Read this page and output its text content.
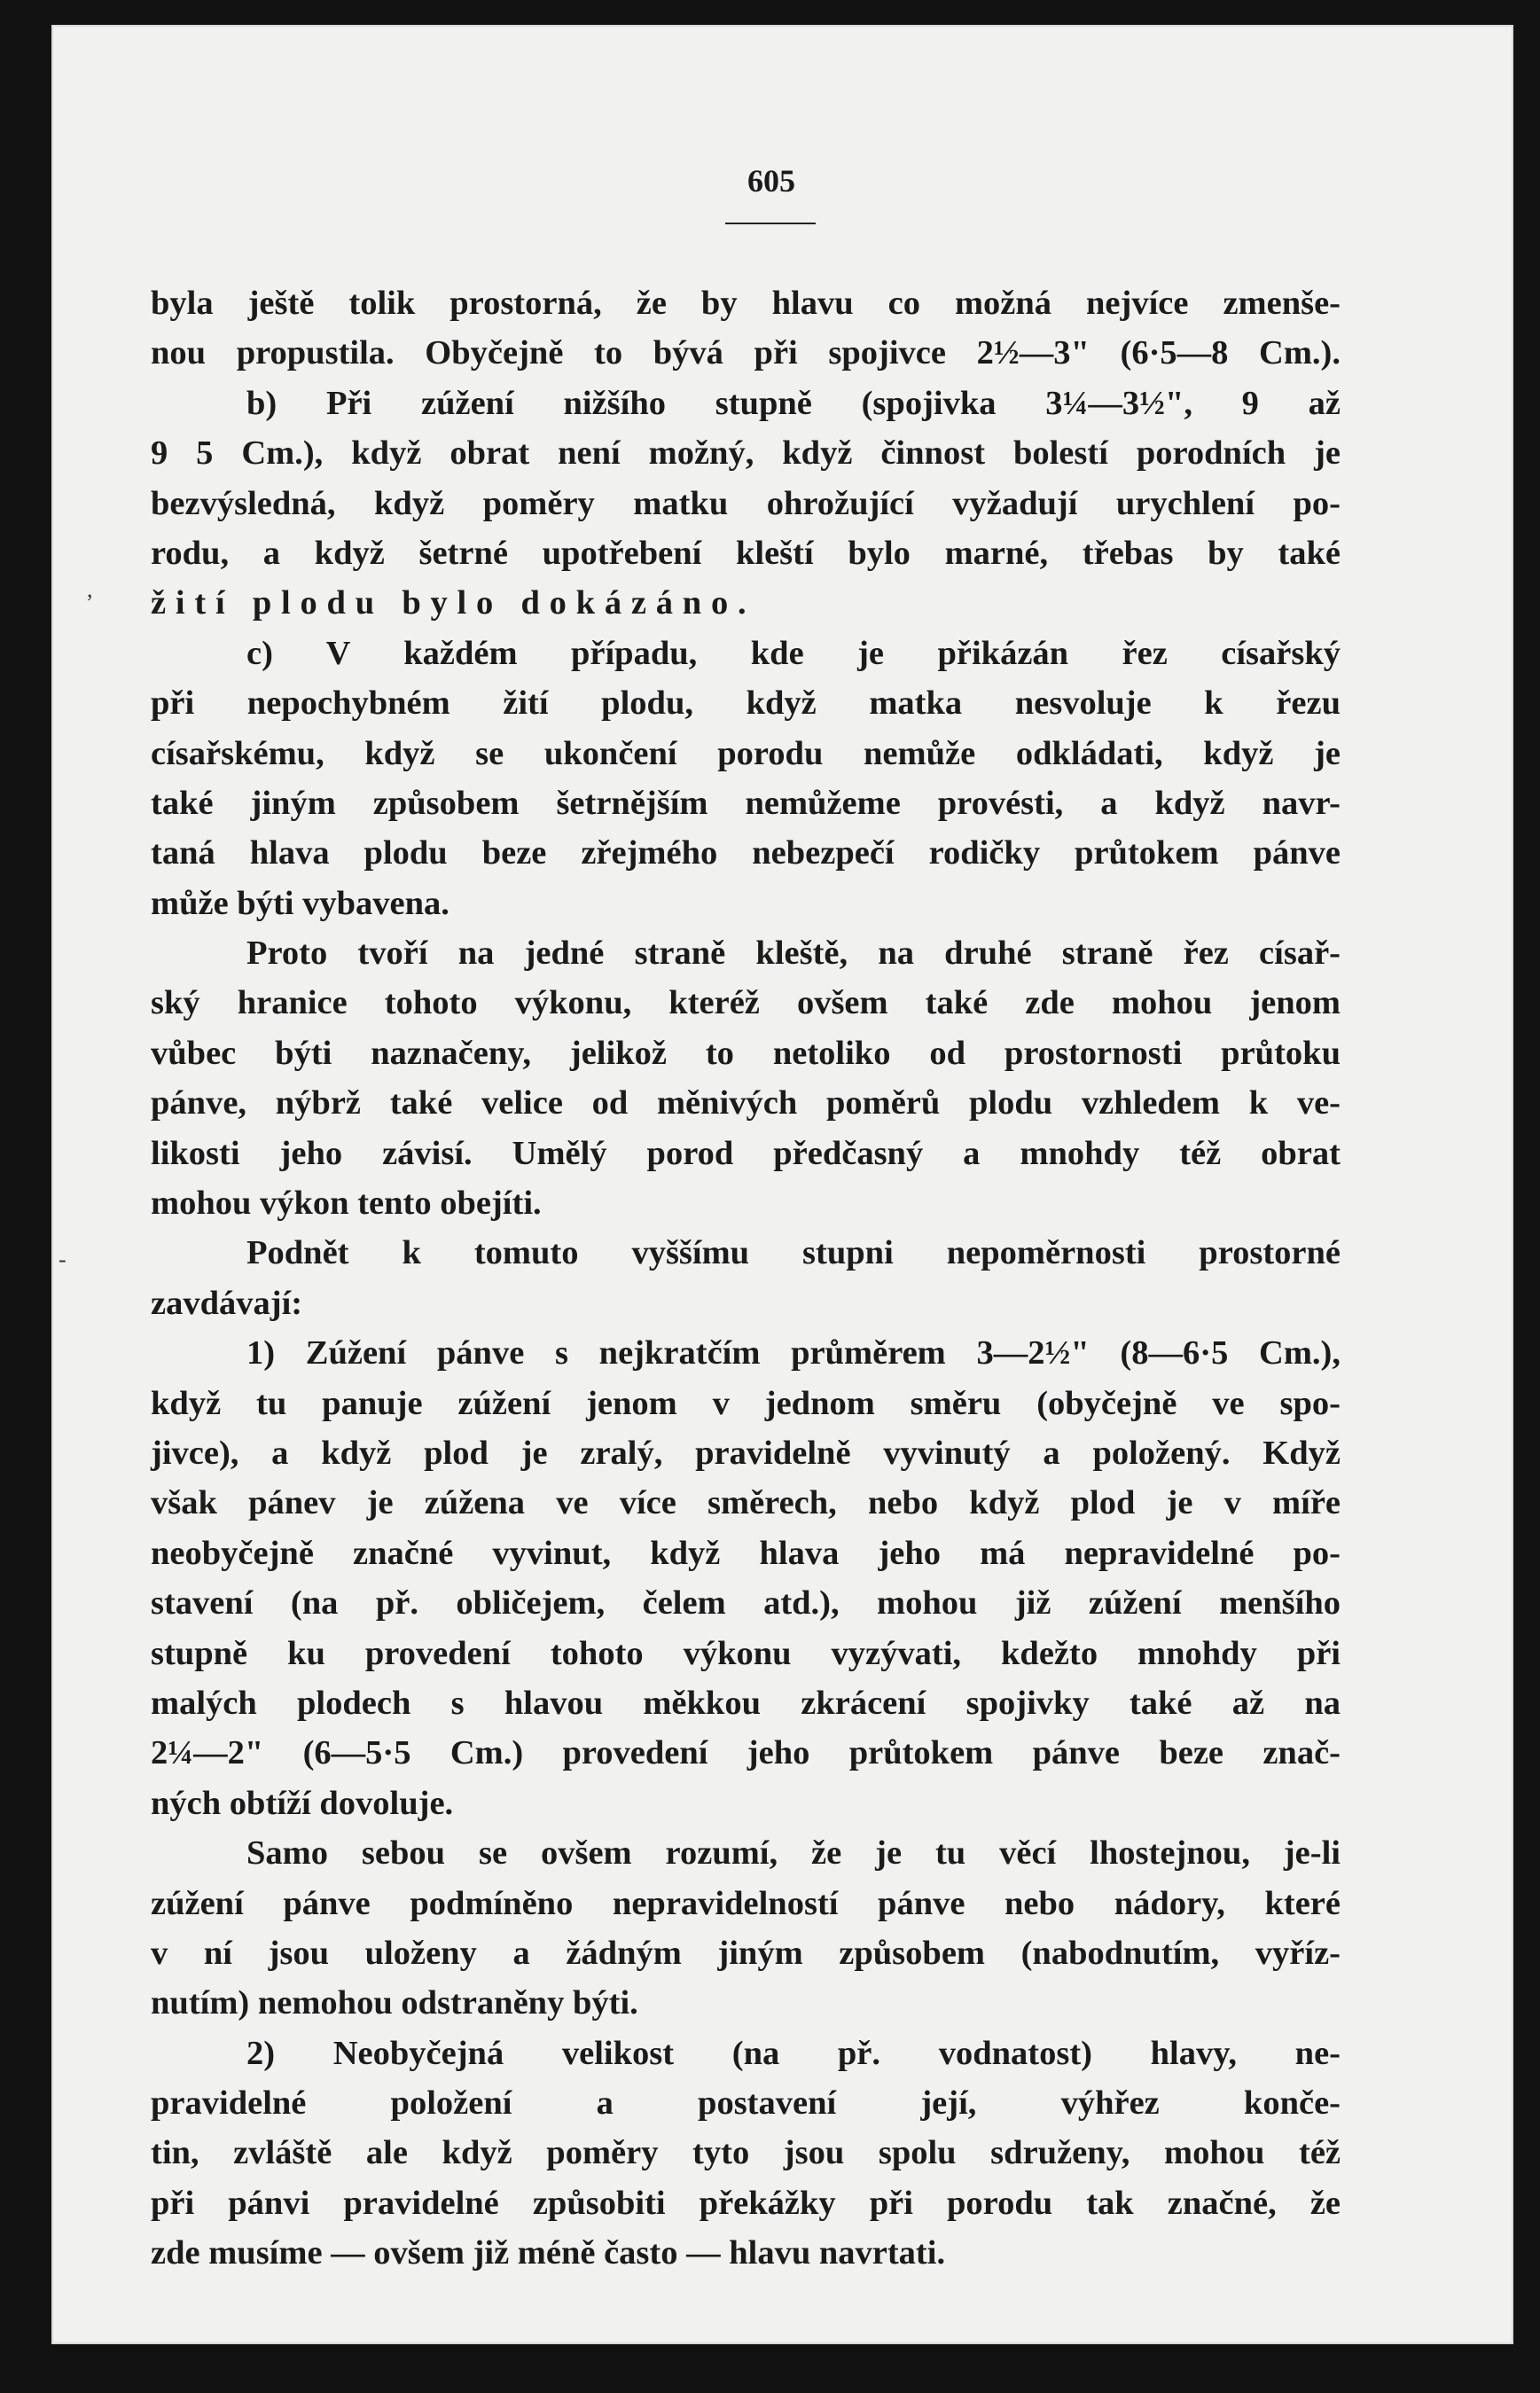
605
,
-
byla ještě tolik prostorná, že by hlavu co možná nejvíce zmenše-
nou propustila. Obyčejně to bývá při spojivce 2½—3" (6·5—8 Cm.).
b) Při zúžení nižšího stupně (spojivka 3¼—3½", 9 až
9 5 Cm.), když obrat není možný, když činnost bolestí porodních je
bezvýsledná, když poměry matku ohrožující vyžadují urychlení po-
rodu, a když šetrné upotřebení kleští bylo marné, třebas by také
žití plodu bylo dokázáno.
c) V každém případu, kde je přikázán řez císařský
při nepochybném žití plodu, když matka nesvoluje k řezu
císařskému, když se ukončení porodu nemůže odkládati, když je
také jiným způsobem šetrnějším nemůžeme provésti, a když navr-
taná hlava plodu beze zřejmého nebezpečí rodičky průtokem pánve
může býti vybavena.
Proto tvoří na jedné straně kleště, na druhé straně řez císař-
ský hranice tohoto výkonu, kteréž ovšem také zde mohou jenom
vůbec býti naznačeny, jelikož to netoliko od prostornosti průtoku
pánve, nýbrž také velice od měnivých poměrů plodu vzhledem k ve-
likosti jeho závisí. Umělý porod předčasný a mnohdy též obrat
mohou výkon tento obejíti.
Podnět k tomuto vyššímu stupni nepoměrnosti prostorné
zavdávají:
1) Zúžení pánve s nejkratčím průměrem 3—2½" (8—6·5 Cm.),
když tu panuje zúžení jenom v jednom směru (obyčejně ve spo-
jivce), a když plod je zralý, pravidelně vyvinutý a položený. Když
však pánev je zúžena ve více směrech, nebo když plod je v míře
neobyčejně značné vyvinut, když hlava jeho má nepravidelné po-
stavení (na př. obličejem, čelem atd.), mohou již zúžení menšího
stupně ku provedení tohoto výkonu vyzývati, kdežto mnohdy při
malých plodech s hlavou měkkou zkrácení spojivky také až na
2¼—2" (6—5·5 Cm.) provedení jeho průtokem pánve beze znač-
ných obtíží dovoluje.
Samo sebou se ovšem rozumí, že je tu věcí lhostejnou, je-li
zúžení pánve podmíněno nepravidelností pánve nebo nádory, které
v ní jsou uloženy a žádným jiným způsobem (nabodnutím, vyříz-
nutím) nemohou odstraněny býti.
2) Neobyčejná velikost (na př. vodnatost) hlavy, ne-
pravidelné položení a postavení její, výhřez konče-
tin, zvláště ale když poměry tyto jsou spolu sdruženy, mohou též
při pánvi pravidelné způsobiti překážky při porodu tak značné, že
zde musíme — ovšem již méně často — hlavu navrtati.
